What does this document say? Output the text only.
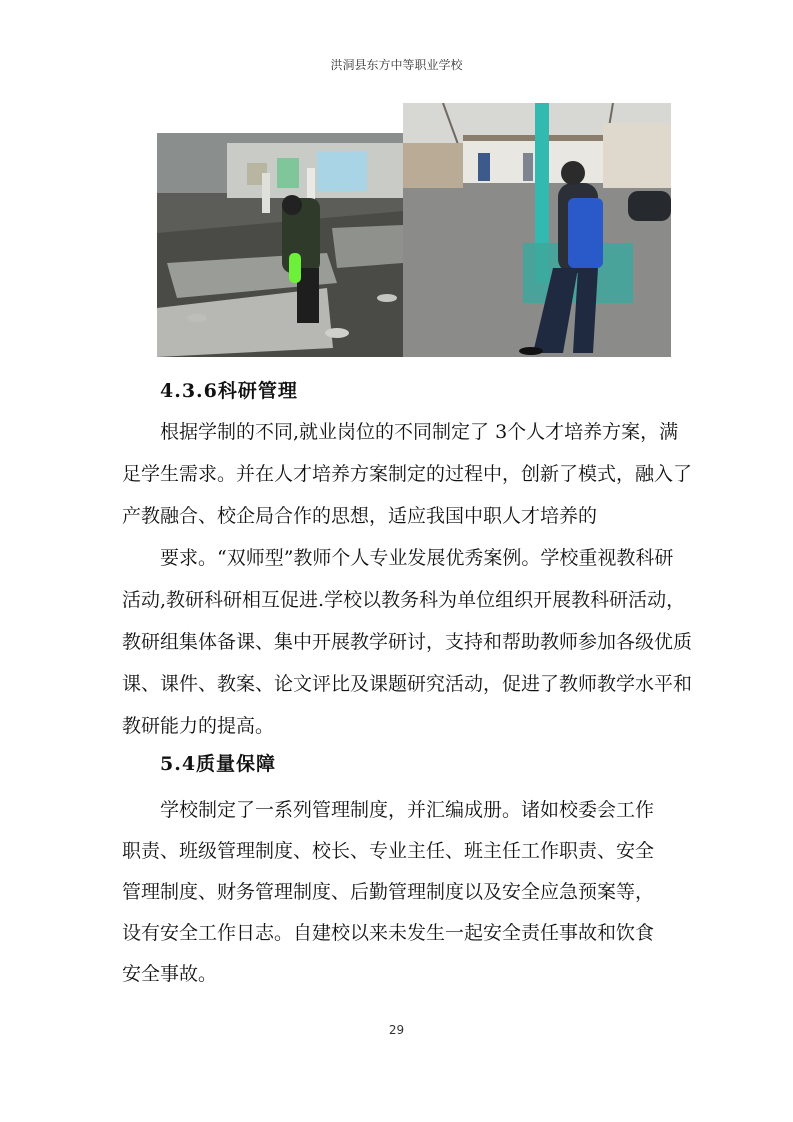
洪洞县东方中等职业学校
4.3.6科研管理
根据学制的不同,就业岗位的不同制定了 3个人才培养方案，满
足学生需求。并在人才培养方案制定的过程中，创新了模式，融入了
产教融合、校企局合作的思想，适应我国中职人才培养的
要求。“双师型”教师个人专业发展优秀案例。学校重视教科研
活动,教研科研相互促进.学校以教务科为单位组织开展教科研活动，
教研组集体备课、集中开展教学研讨，支持和帮助教师参加各级优质
课、课件、教案、论文评比及课题研究活动，促进了教师教学水平和
教研能力的提高。
5.4质量保障
学校制定了一系列管理制度，并汇编成册。诸如校委会工作
职责、班级管理制度、校长、专业主任、班主任工作职责、安全
管理制度、财务管理制度、后勤管理制度以及安全应急预案等，
设有安全工作日志。自建校以来未发生一起安全责任事故和饮食
安全事故。
29
